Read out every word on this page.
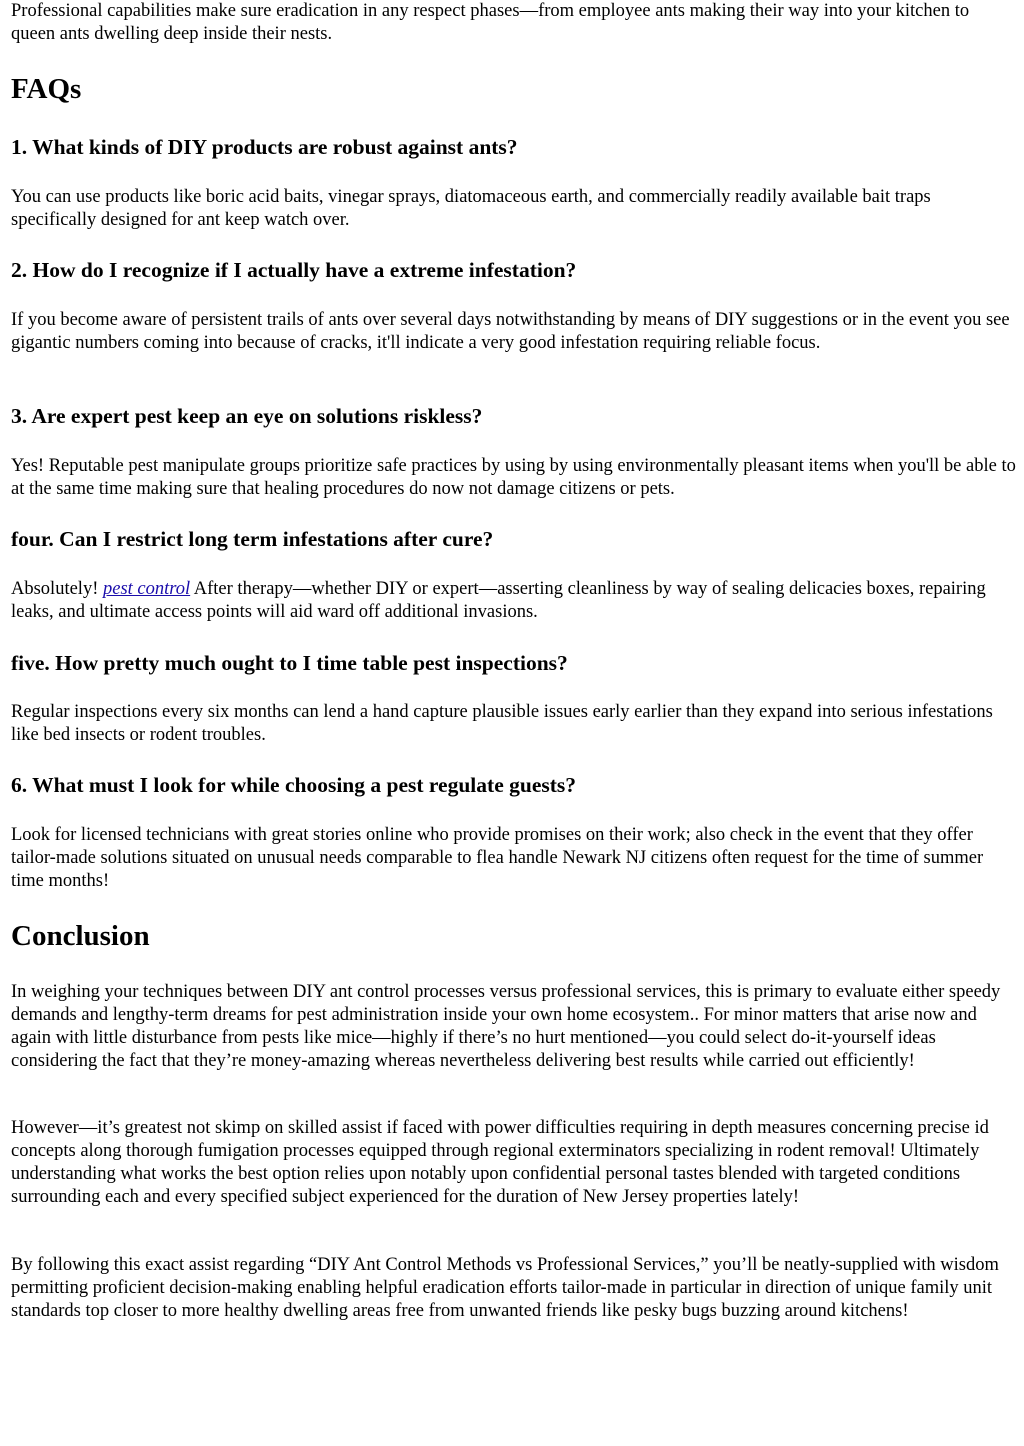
Professional capabilities make sure eradication in any respect phases—from employee ants making their way into your kitchen to queen ants dwelling deep inside their nests.

FAQs
1. What kinds of DIY products are robust against ants?

You can use products like boric acid baits, vinegar sprays, diatomaceous earth, and commercially readily available bait traps specifically designed for ant keep watch over.

2. How do I recognize if I actually have a extreme infestation?

If you become aware of persistent trails of ants over several days notwithstanding by means of DIY suggestions or in the event you see gigantic numbers coming into because of cracks, it'll indicate a very good infestation requiring reliable focus.

3. Are expert pest keep an eye on solutions riskless?

Yes! Reputable pest manipulate groups prioritize safe practices by using by using environmentally pleasant items when you'll be able to at the same time making sure that healing procedures do now not damage citizens or pets.

four. Can I restrict long term infestations after cure?

Absolutely! pest control After therapy—whether DIY or expert—asserting cleanliness by way of sealing delicacies boxes, repairing leaks, and ultimate access points will aid ward off additional invasions.

five. How pretty much ought to I time table pest inspections?

Regular inspections every six months can lend a hand capture plausible issues early earlier than they expand into serious infestations like bed insects or rodent troubles.

6. What must I look for while choosing a pest regulate guests?

Look for licensed technicians with great stories online who provide promises on their work; also check in the event that they offer tailor-made solutions situated on unusual needs comparable to flea handle Newark NJ citizens often request for the time of summer time months!

Conclusion

In weighing your techniques between DIY ant control processes versus professional services, this is primary to evaluate either speedy demands and lengthy-term dreams for pest administration inside your own home ecosystem.. For minor matters that arise now and again with little disturbance from pests like mice—highly if there’s no hurt mentioned—you could select do-it-yourself ideas considering the fact that they’re money-amazing whereas nevertheless delivering best results while carried out efficiently!

However—it’s greatest not skimp on skilled assist if faced with power difficulties requiring in depth measures concerning precise id concepts along thorough fumigation processes equipped through regional exterminators specializing in rodent removal! Ultimately understanding what works the best option relies upon notably upon confidential personal tastes blended with targeted conditions surrounding each and every specified subject experienced for the duration of New Jersey properties lately!

By following this exact assist regarding “DIY Ant Control Methods vs Professional Services,” you’ll be neatly-supplied with wisdom permitting proficient decision-making enabling helpful eradication efforts tailor-made in particular in direction of unique family unit standards top closer to more healthy dwelling areas free from unwanted friends like pesky bugs buzzing around kitchens!
